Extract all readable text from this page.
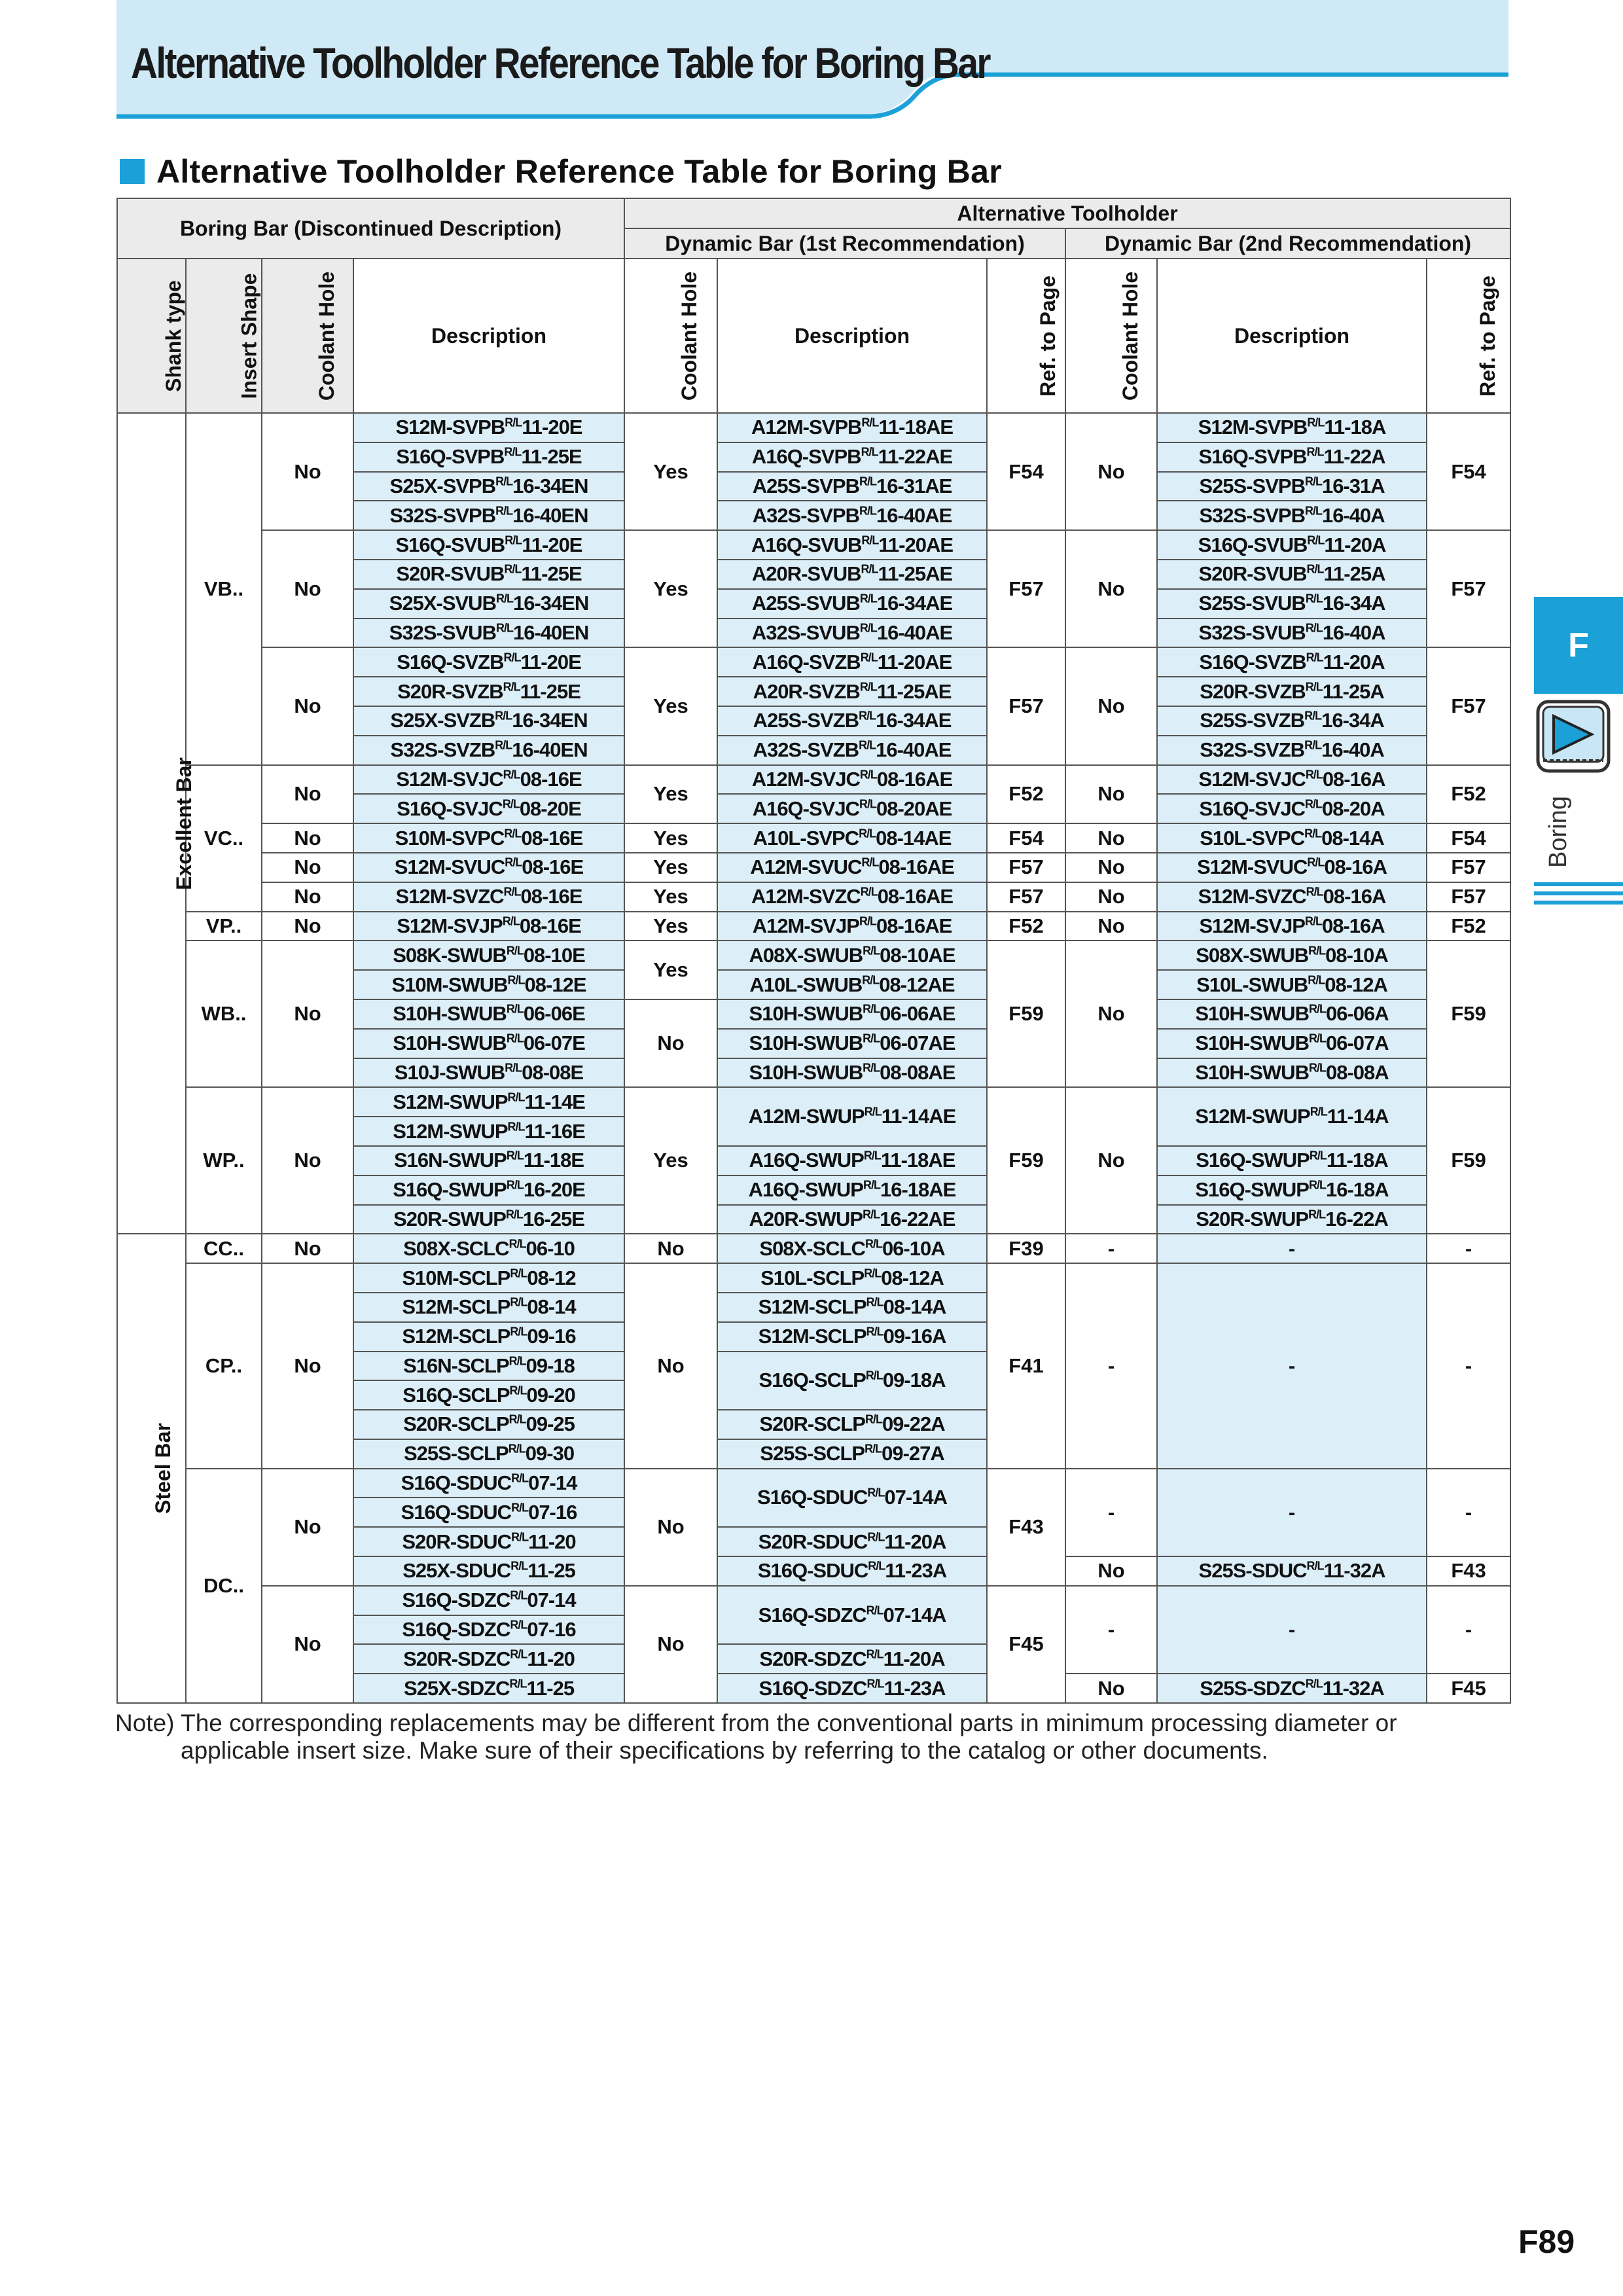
Alternative Toolholder Reference Table for Boring Bar
Alternative Toolholder Reference Table for Boring Bar
Boring Bar (Discontinued Description)				Alternative Toolholder					
				Dynamic Bar (1st Recommendation)			Dynamic Bar (2nd Recommendation)		
Shank type	Insert Shape	Coolant Hole	Description	Coolant Hole	Description	Ref. to Page	Coolant Hole	Description	Ref. to Page
Excellent Bar	VB..	No	$S12M-SVPB^{R/L}11-20E$	Yes	$A12M-SVPB^{R/L}11-18AE$	F54	No	$S12M-SVPB^{R/L}11-18A$	F54
			$S16Q-SVPB^{R/L}11-25E$		$A16Q-SVPB^{R/L}11-22AE$			$S16Q-SVPB^{R/L}11-22A$	
			$S25X-SVPB^{R/L}16-34EN$		$A25S-SVPB^{R/L}16-31AE$			$S25S-SVPB^{R/L}16-31A$	
			$S32S-SVPB^{R/L}16-40EN$		$A32S-SVPB^{R/L}16-40AE$			$S32S-SVPB^{R/L}16-40A$	
		No	$S16Q-SVUB^{R/L}11-20E$	Yes	$A16Q-SVUB^{R/L}11-20AE$	F57	No	$S16Q-SVUB^{R/L}11-20A$	F57
			$S20R-SVUB^{R/L}11-25E$		$A20R-SVUB^{R/L}11-25AE$			$S20R-SVUB^{R/L}11-25A$	
			$S25X-SVUB^{R/L}16-34EN$		$A25S-SVUB^{R/L}16-34AE$			$S25S-SVUB^{R/L}16-34A$	
			$S32S-SVUB^{R/L}16-40EN$		$A32S-SVUB^{R/L}16-40AE$			$S32S-SVUB^{R/L}16-40A$	
		No	$S16Q-SVZB^{R/L}11-20E$	Yes	$A16Q-SVZB^{R/L}11-20AE$	F57	No	$S16Q-SVZB^{R/L}11-20A$	F57
			$S20R-SVZB^{R/L}11-25E$		$A20R-SVZB^{R/L}11-25AE$			$S20R-SVZB^{R/L}11-25A$	
			$S25X-SVZB^{R/L}16-34EN$		$A25S-SVZB^{R/L}16-34AE$			$S25S-SVZB^{R/L}16-34A$	
			$S32S-SVZB^{R/L}16-40EN$		$A32S-SVZB^{R/L}16-40AE$			$S32S-SVZB^{R/L}16-40A$	
	VC..	No	$S12M-SVJC^{R/L}08-16E$	Yes	$A12M-SVJC^{R/L}08-16AE$	F52	No	$S12M-SVJC^{R/L}08-16A$	F52
			$S16Q-SVJC^{R/L}08-20E$		$A16Q-SVJC^{R/L}08-20AE$			$S16Q-SVJC^{R/L}08-20A$	
		No	$S10M-SVPC^{R/L}08-16E$	Yes	$A10L-SVPC^{R/L}08-14AE$	F54	No	$S10L-SVPC^{R/L}08-14A$	F54
		No	$S12M-SVUC^{R/L}08-16E$	Yes	$A12M-SVUC^{R/L}08-16AE$	F57	No	$S12M-SVUC^{R/L}08-16A$	F57
		No	$S12M-SVZC^{R/L}08-16E$	Yes	$A12M-SVZC^{R/L}08-16AE$	F57	No	$S12M-SVZC^{R/L}08-16A$	F57
	VP..	No	$S12M-SVJP^{R/L}08-16E$	Yes	$A12M-SVJP^{R/L}08-16AE$	F52	No	$S12M-SVJP^{R/L}08-16A$	F52
	WB..	No	$S08K-SWUB^{R/L}08-10E$	Yes	$A08X-SWUB^{R/L}08-10AE$	F59	No	$S08X-SWUB^{R/L}08-10A$	F59
			$S10M-SWUB^{R/L}08-12E$		$A10L-SWUB^{R/L}08-12AE$			$S10L-SWUB^{R/L}08-12A$	
			$S10H-SWUB^{R/L}06-06E$	No	$S10H-SWUB^{R/L}06-06AE$			$S10H-SWUB^{R/L}06-06A$	
			$S10H-SWUB^{R/L}06-07E$		$S10H-SWUB^{R/L}06-07AE$			$S10H-SWUB^{R/L}06-07A$	
			$S10J-SWUB^{R/L}08-08E$		$S10H-SWUB^{R/L}08-08AE$			$S10H-SWUB^{R/L}08-08A$	
	WP..	No	$S12M-SWUP^{R/L}11-14E$	Yes	$A12M-SWUP^{R/L}11-14AE$	F59	No	$S12M-SWUP^{R/L}11-14A$	F59
			$S12M-SWUP^{R/L}11-16E$						
			$S16N-SWUP^{R/L}11-18E$		$A16Q-SWUP^{R/L}11-18AE$			$S16Q-SWUP^{R/L}11-18A$	
			$S16Q-SWUP^{R/L}16-20E$		$A16Q-SWUP^{R/L}16-18AE$			$S16Q-SWUP^{R/L}16-18A$	
			$S20R-SWUP^{R/L}16-25E$		$A20R-SWUP^{R/L}16-22AE$			$S20R-SWUP^{R/L}16-22A$	
Steel Bar	CC..	No	$S08X-SCLC^{R/L}06-10$	No	$S08X-SCLC^{R/L}06-10A$	F39	-	-	-
	CP..	No	$S10M-SCLP^{R/L}08-12$	No	$S10L-SCLP^{R/L}08-12A$	F41	-	-	-
			$S12M-SCLP^{R/L}08-14$		$S12M-SCLP^{R/L}08-14A$				
			$S12M-SCLP^{R/L}09-16$		$S12M-SCLP^{R/L}09-16A$				
			$S16N-SCLP^{R/L}09-18$		$S16Q-SCLP^{R/L}09-18A$				
			$S16Q-SCLP^{R/L}09-20$						
			$S20R-SCLP^{R/L}09-25$		$S20R-SCLP^{R/L}09-22A$				
			$S25S-SCLP^{R/L}09-30$		$S25S-SCLP^{R/L}09-27A$				
	DC..	No	$S16Q-SDUC^{R/L}07-14$	No	$S16Q-SDUC^{R/L}07-14A$	F43	-	-	-
			$S16Q-SDUC^{R/L}07-16$						
			$S20R-SDUC^{R/L}11-20$		$S20R-SDUC^{R/L}11-20A$				
			$S25X-SDUC^{R/L}11-25$		$S16Q-SDUC^{R/L}11-23A$		No	$S25S-SDUC^{R/L}11-32A$	F43
		No	$S16Q-SDZC^{R/L}07-14$	No	$S16Q-SDZC^{R/L}07-14A$	F45	-	-	-
			$S16Q-SDZC^{R/L}07-16$						
			$S20R-SDZC^{R/L}11-20$		$S20R-SDZC^{R/L}11-20A$				
			$S25X-SDZC^{R/L}11-25$		$S16Q-SDZC^{R/L}11-23A$		No	$S25S-SDZC^{R/L}11-32A$	F45
Note) The corresponding replacements may be different from the conventional parts in minimum processing diameter or
applicable insert size. Make sure of their specifications by referring to the catalog or other documents.
F
Boring
F89
